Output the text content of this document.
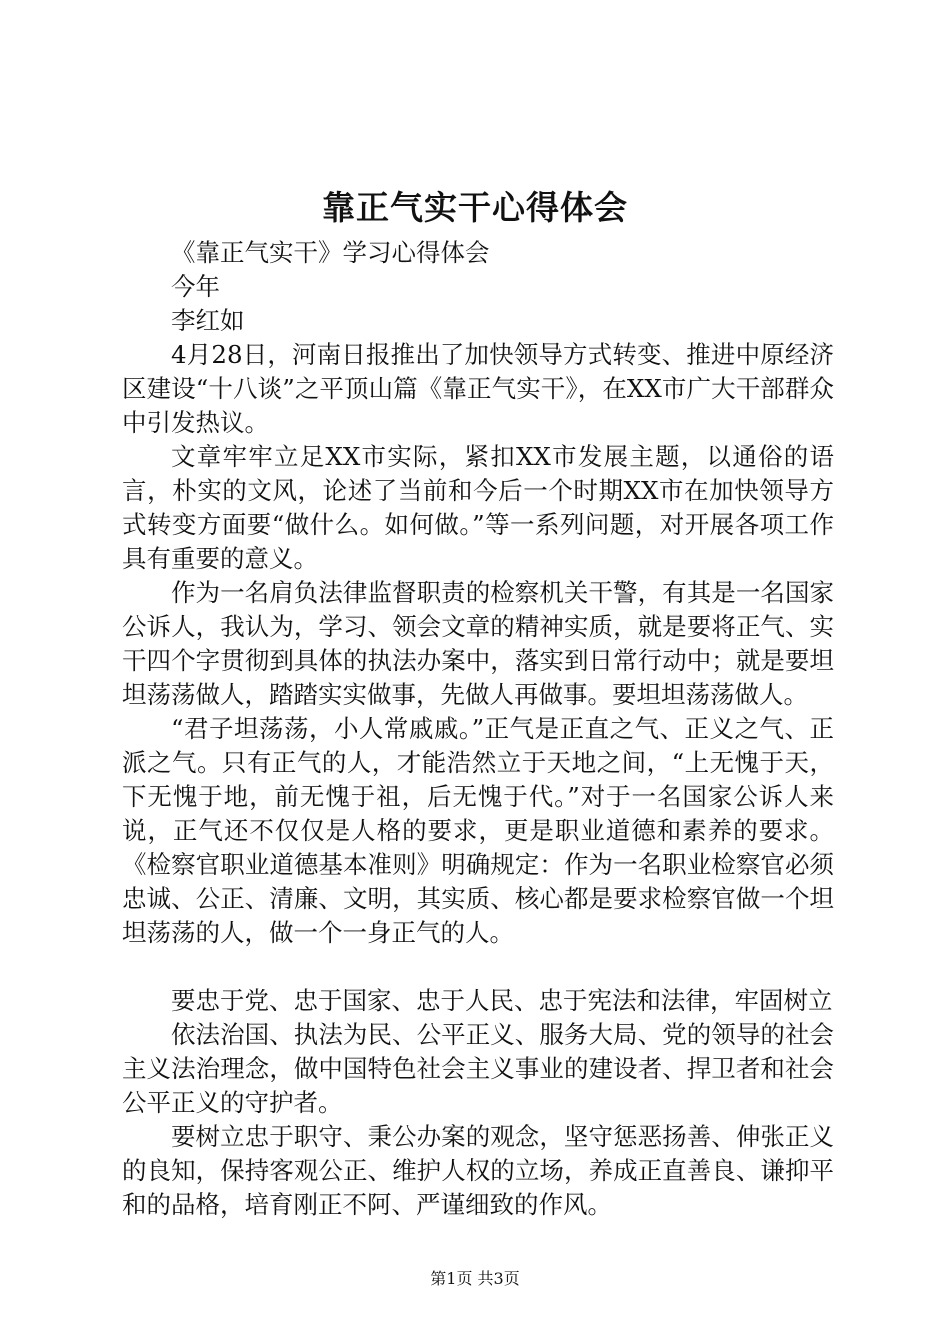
靠正气实干心得体会

《靠正气实干》学习心得体会

今年

李红如

4月28日，河南日报推出了加快领导方式转变、推进中原经济区建设“十八谈”之平顶山篇《靠正气实干》，在XX市广大干部群众中引发热议。

文章牢牢立足XX市实际，紧扣XX市发展主题，以通俗的语言，朴实的文风，论述了当前和今后一个时期XX市在加快领导方式转变方面要“做什么。如何做。”等一系列问题，对开展各项工作具有重要的意义。

作为一名肩负法律监督职责的检察机关干警，有其是一名国家公诉人，我认为，学习、领会文章的精神实质，就是要将正气、实干四个字贯彻到具体的执法办案中，落实到日常行动中；就是要坦坦荡荡做人，踏踏实实做事，先做人再做事。要坦坦荡荡做人。

“君子坦荡荡，小人常戚戚。”正气是正直之气、正义之气、正派之气。只有正气的人，才能浩然立于天地之间，“上无愧于天，下无愧于地，前无愧于祖，后无愧于代。”对于一名国家公诉人来说，正气还不仅仅是人格的要求，更是职业道德和素养的要求。《检察官职业道德基本准则》明确规定：作为一名职业检察官必须忠诚、公正、清廉、文明，其实质、核心都是要求检察官做一个坦坦荡荡的人，做一个一身正气的人。

要忠于党、忠于国家、忠于人民、忠于宪法和法律，牢固树立

依法治国、执法为民、公平正义、服务大局、党的领导的社会主义法治理念，做中国特色社会主义事业的建设者、捍卫者和社会公平正义的守护者。

要树立忠于职守、秉公办案的观念，坚守惩恶扬善、伸张正义的良知，保持客观公正、维护人权的立场，养成正直善良、谦抑平和的品格，培育刚正不阿、严谨细致的作风。

第1页 共3页
